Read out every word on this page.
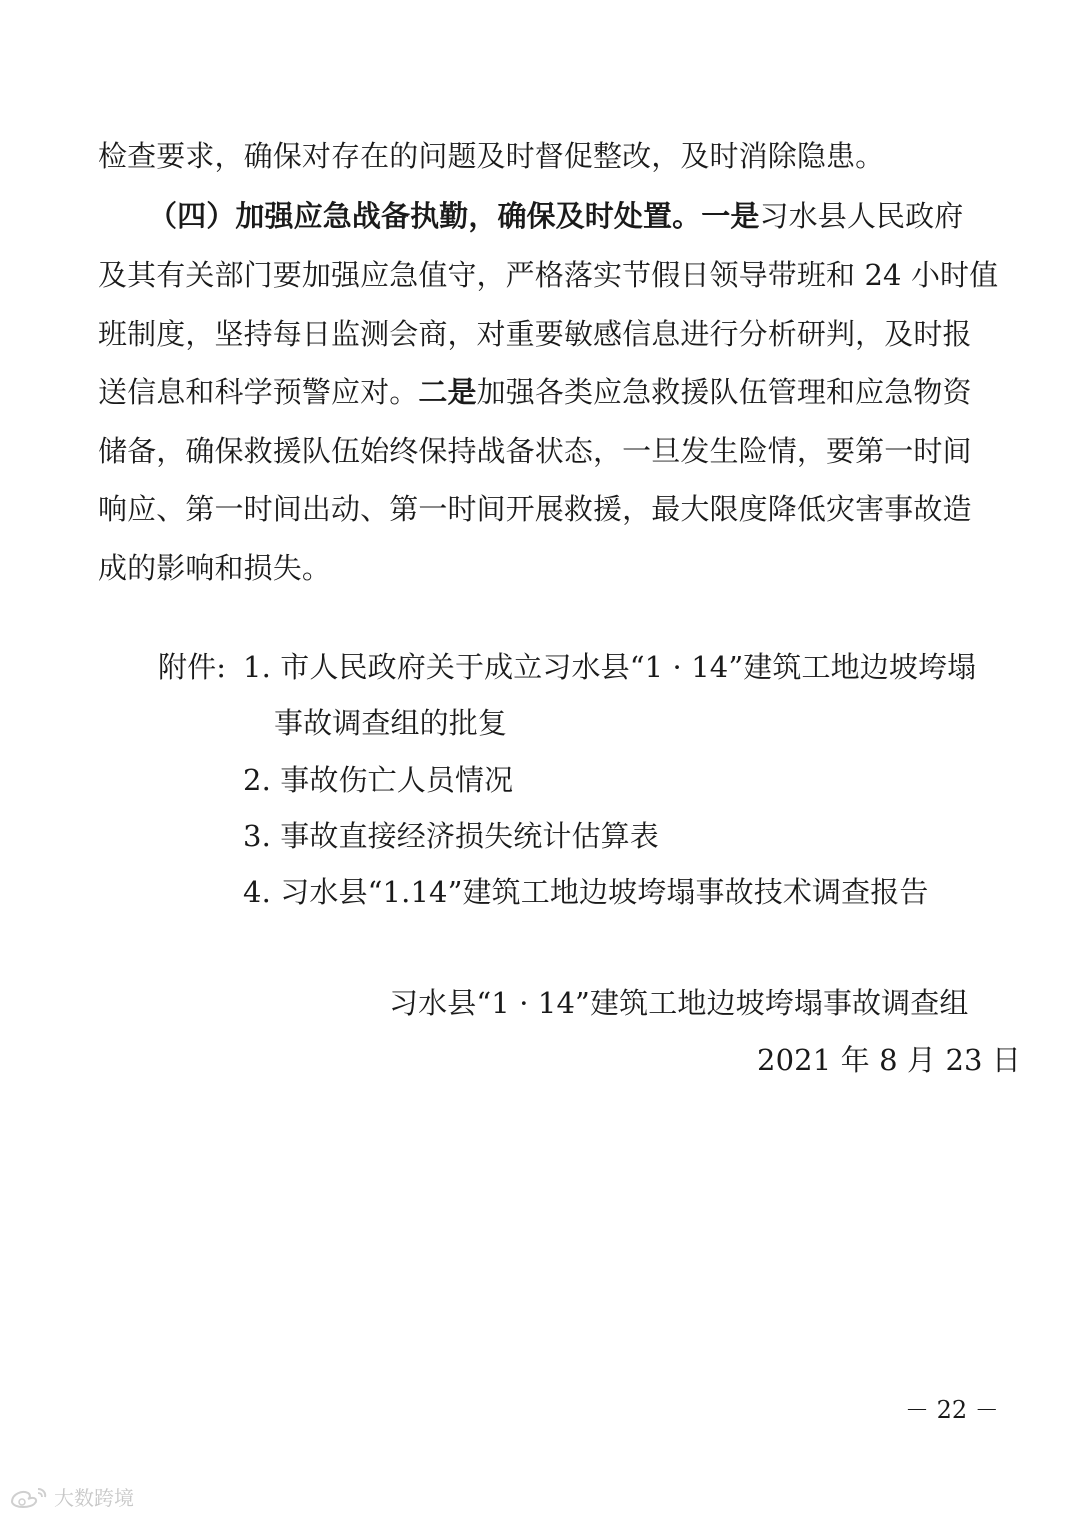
检查要求，确保对存在的问题及时督促整改，及时消除隐患。
（四）加强应急战备执勤，确保及时处置。一是习水县人民政府
及其有关部门要加强应急值守，严格落实节假日领导带班和 24 小时值
班制度，坚持每日监测会商，对重要敏感信息进行分析研判，及时报
送信息和科学预警应对。二是加强各类应急救援队伍管理和应急物资
储备，确保救援队伍始终保持战备状态，一旦发生险情，要第一时间
响应、第一时间出动、第一时间开展救援，最大限度降低灾害事故造
成的影响和损失。
附件: 1. 市人民政府关于成立习水县“1 · 14”建筑工地边坡垮塌
事故调查组的批复
2. 事故伤亡人员情况
3. 事故直接经济损失统计估算表
4. 习水县“1.14”建筑工地边坡垮塌事故技术调查报告
习水县“1 · 14”建筑工地边坡垮塌事故调查组
2021 年 8 月 23 日
－ 22 －
大数跨境
